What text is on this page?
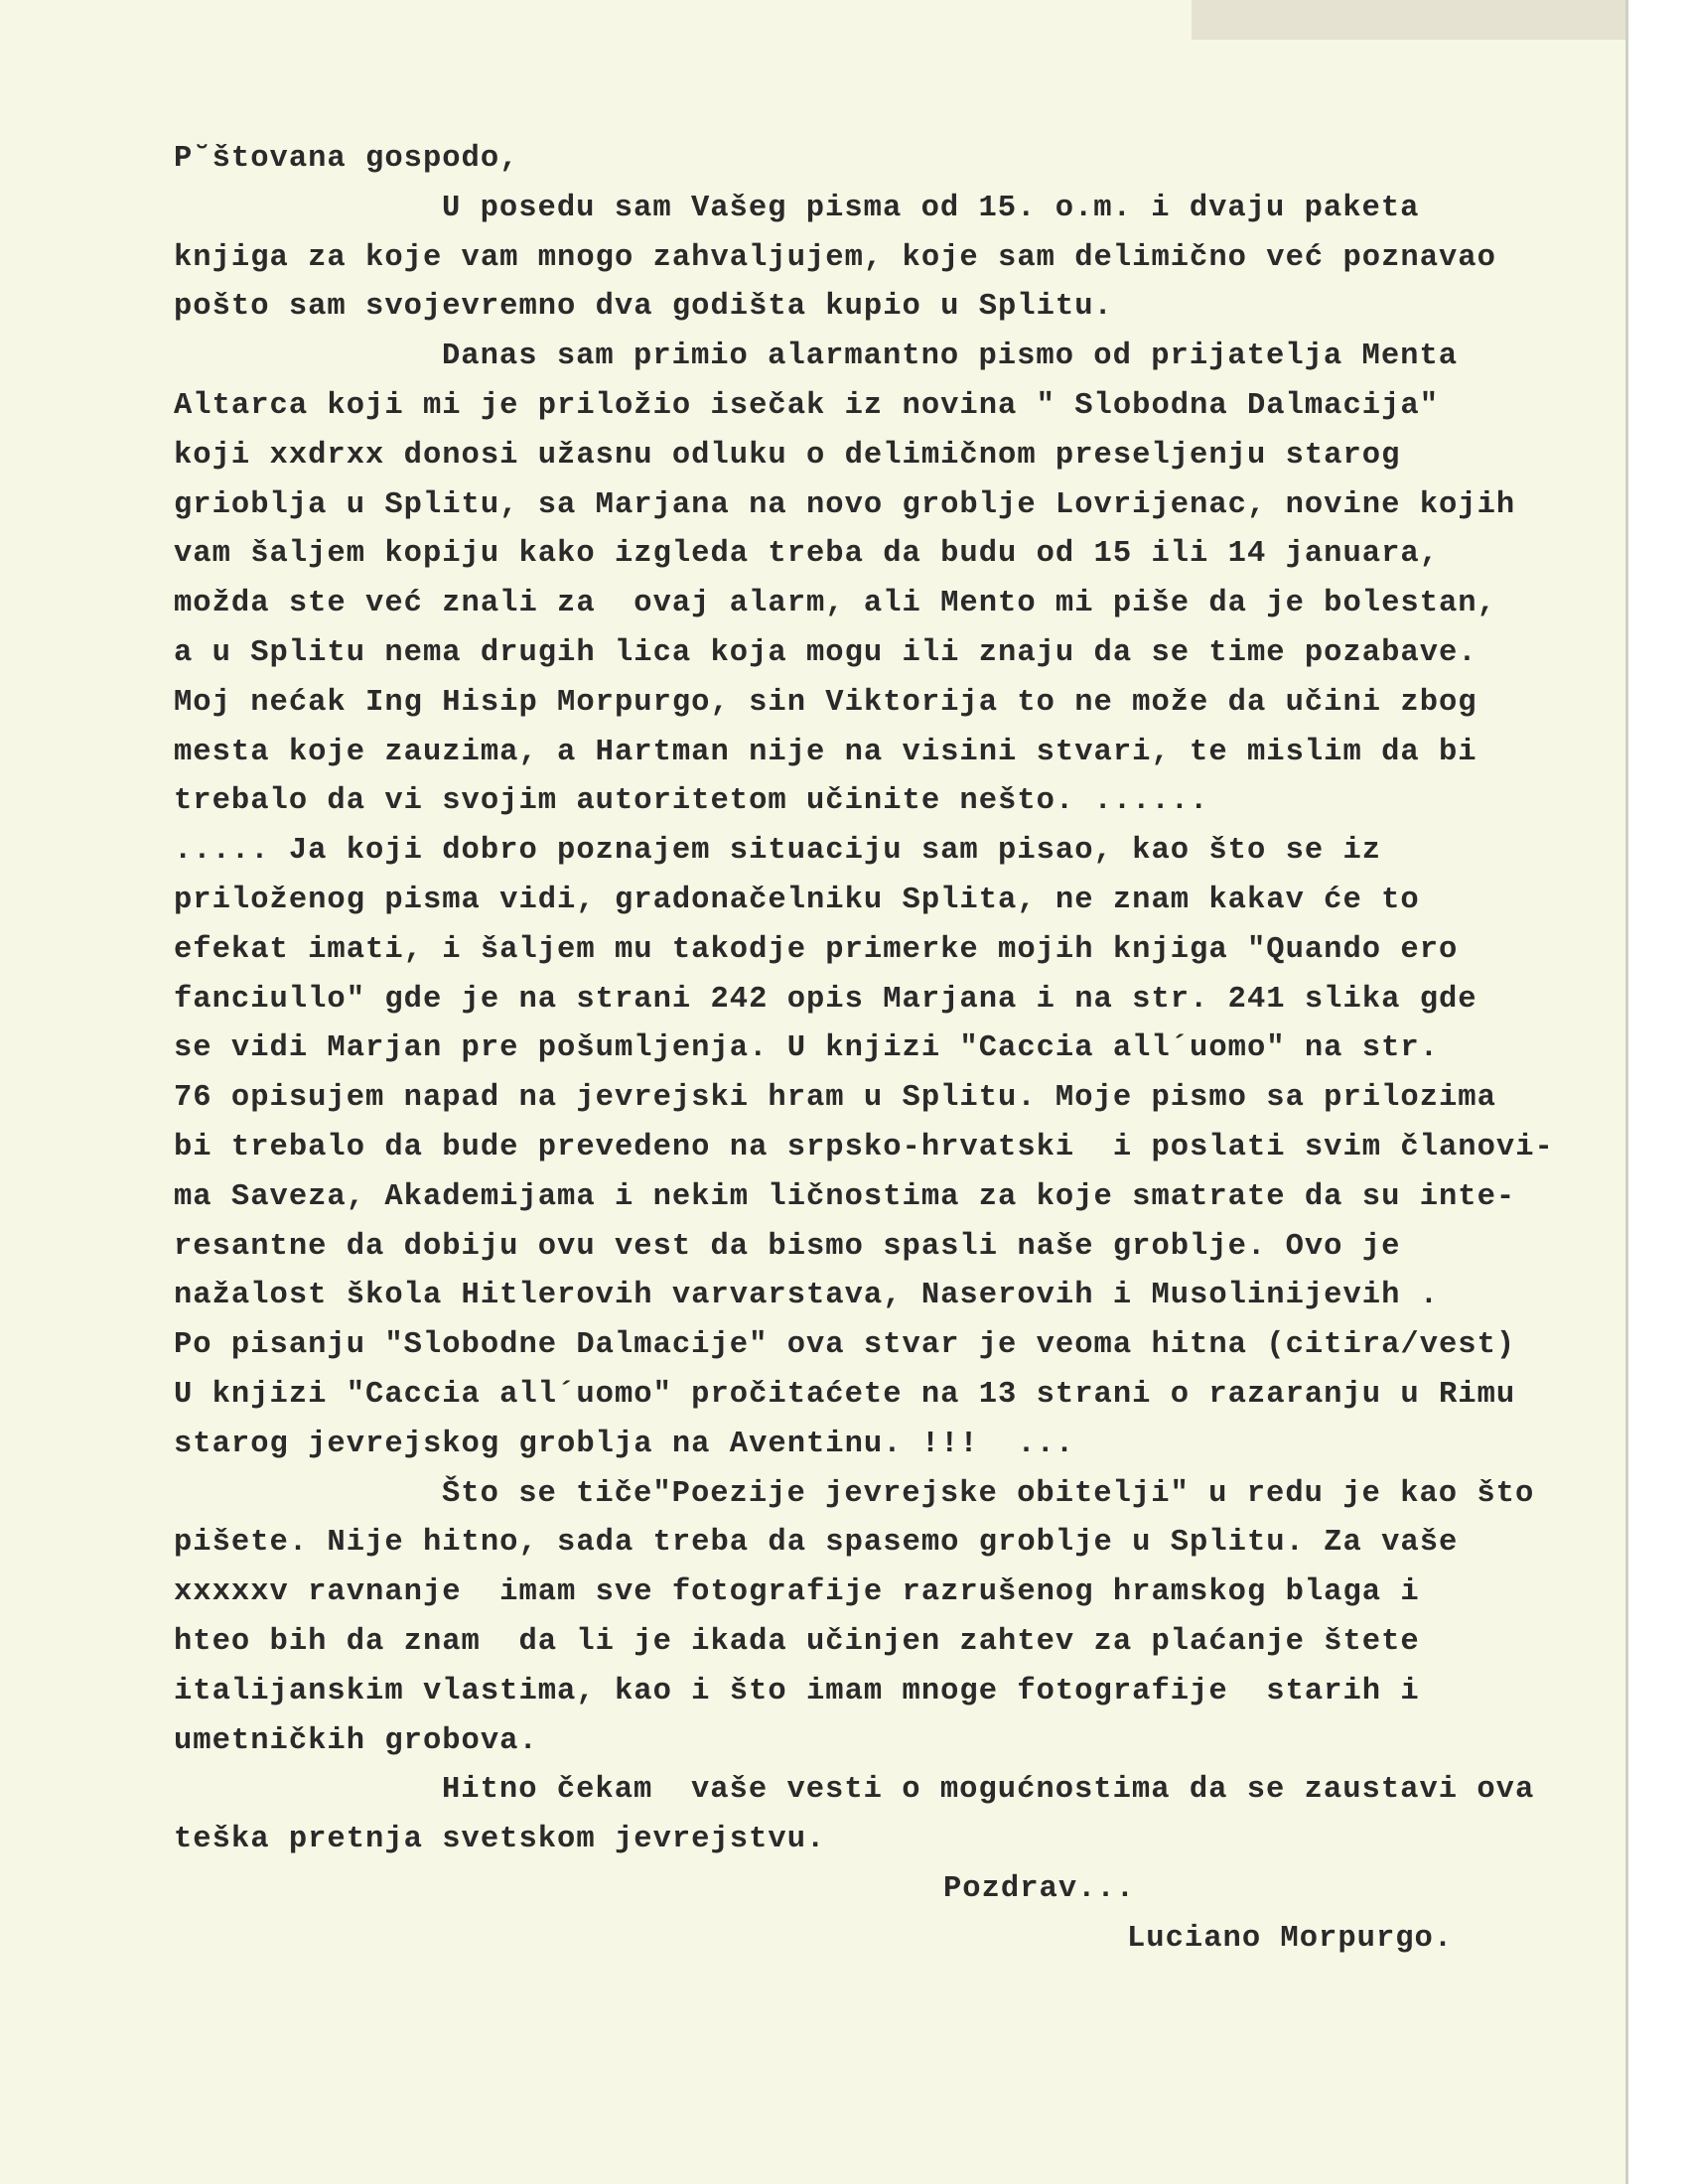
P˘štovana gospodo,
U posedu sam Vašeg pisma od 15. o.m. i dvaju paketa
knjiga za koje vam mnogo zahvaljujem, koje sam delimično već poznavao
pošto sam svojevremno dva godišta kupio u Splitu.
Danas sam primio alarmantno pismo od prijatelja Menta
Altarca koji mi je priložio isečak iz novina " Slobodna Dalmacija"
koji xxdrxx donosi užasnu odluku o delimičnom preseljenju starog
grioblja u Splitu, sa Marjana na novo groblje Lovrijenac, novine kojih
vam šaljem kopiju kako izgleda treba da budu od 15 ili 14 januara,
možda ste već znali za  ovaj alarm, ali Mento mi piše da je bolestan,
a u Splitu nema drugih lica koja mogu ili znaju da se time pozabave.
Moj nećak Ing Hisip Morpurgo, sin Viktorija to ne može da učini zbog
mesta koje zauzima, a Hartman nije na visini stvari, te mislim da bi
trebalo da vi svojim autoritetom učinite nešto. ......
..... Ja koji dobro poznajem situaciju sam pisao, kao što se iz
priloženog pisma vidi, gradonačelniku Splita, ne znam kakav će to
efekat imati, i šaljem mu takodje primerke mojih knjiga "Quando ero
fanciullo" gde je na strani 242 opis Marjana i na str. 241 slika gde
se vidi Marjan pre pošumljenja. U knjizi "Caccia all´uomo" na str.
76 opisujem napad na jevrejski hram u Splitu. Moje pismo sa prilozima
bi trebalo da bude prevedeno na srpsko-hrvatski  i poslati svim članovi-
ma Saveza, Akademijama i nekim ličnostima za koje smatrate da su inte-
resantne da dobiju ovu vest da bismo spasli naše groblje. Ovo je
nažalost škola Hitlerovih varvarstava, Naserovih i Musolinijevih .
Po pisanju "Slobodne Dalmacije" ova stvar je veoma hitna (citira/vest)
U knjizi "Caccia all´uomo" pročitaćete na 13 strani o razaranju u Rimu
starog jevrejskog groblja na Aventinu. !!!  ...
Što se tiče"Poezije jevrejske obitelji" u redu je kao što
pišete. Nije hitno, sada treba da spasemo groblje u Splitu. Za vaše
xxxxxv ravnanje  imam sve fotografije razrušenog hramskog blaga i
hteo bih da znam  da li je ikada učinjen zahtev za plaćanje štete
italijanskim vlastima, kao i što imam mnoge fotografije  starih i
umetničkih grobova.
Hitno čekam  vaše vesti o mogućnostima da se zaustavi ova
teška pretnja svetskom jevrejstvu.
Pozdrav...
Luciano Morpurgo.
